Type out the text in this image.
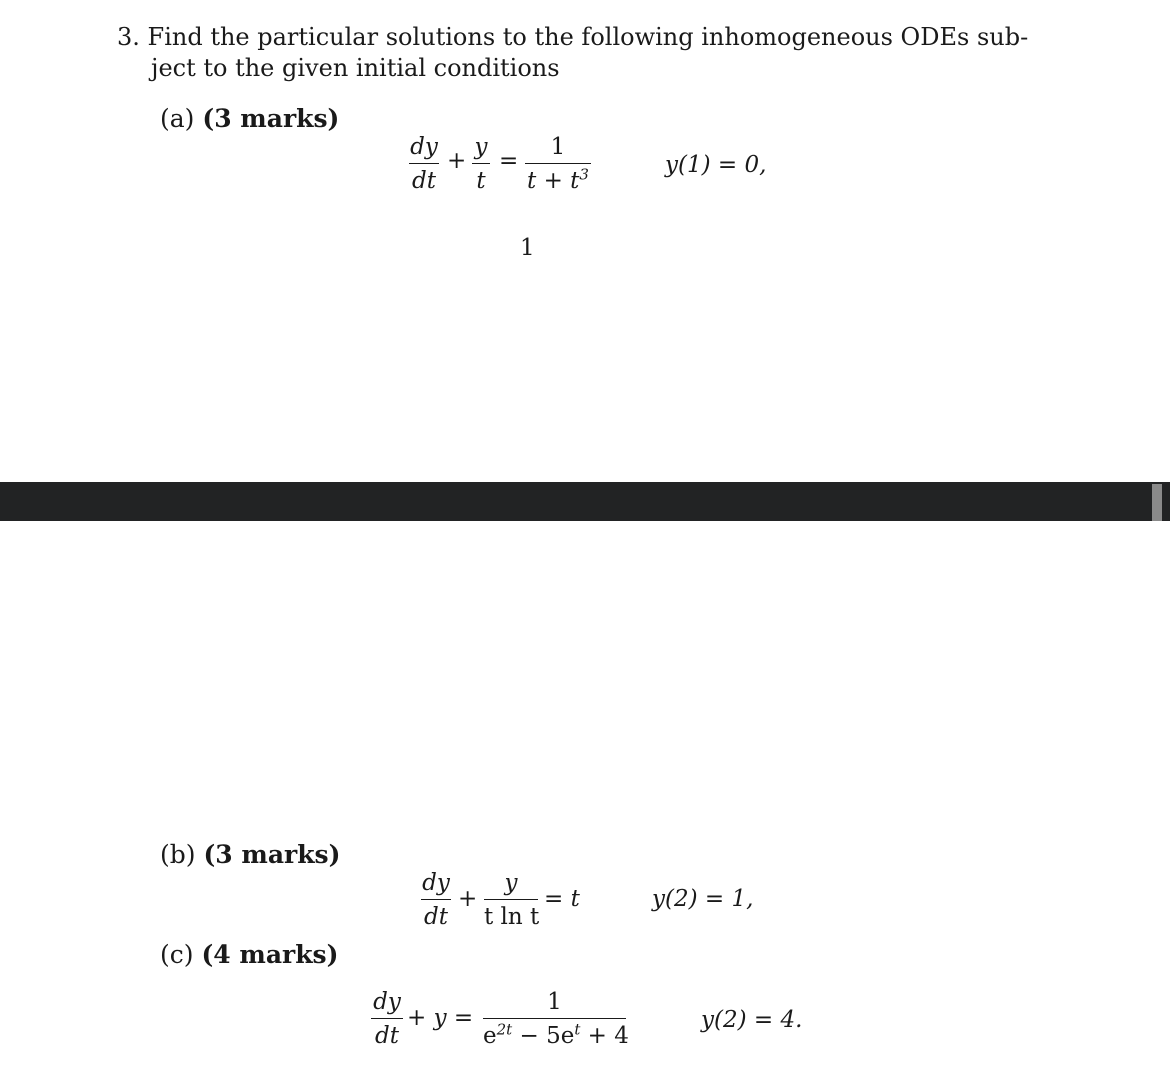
3. Find the particular solutions to the following inhomogeneous ODEs sub-
ject to the given initial conditions
(a) (3 marks)
dy
dt
+
y
t
=
1
$t + t^3$	y(1) = 0,
1
(b) (3 marks)
dy
dt
+
y
t ln t
= t	y(2) = 1,
(c) (4 marks)
dy
dt
+ y =
1
$e^{2t} - 5e^t + 4$
y(2) = 4.
